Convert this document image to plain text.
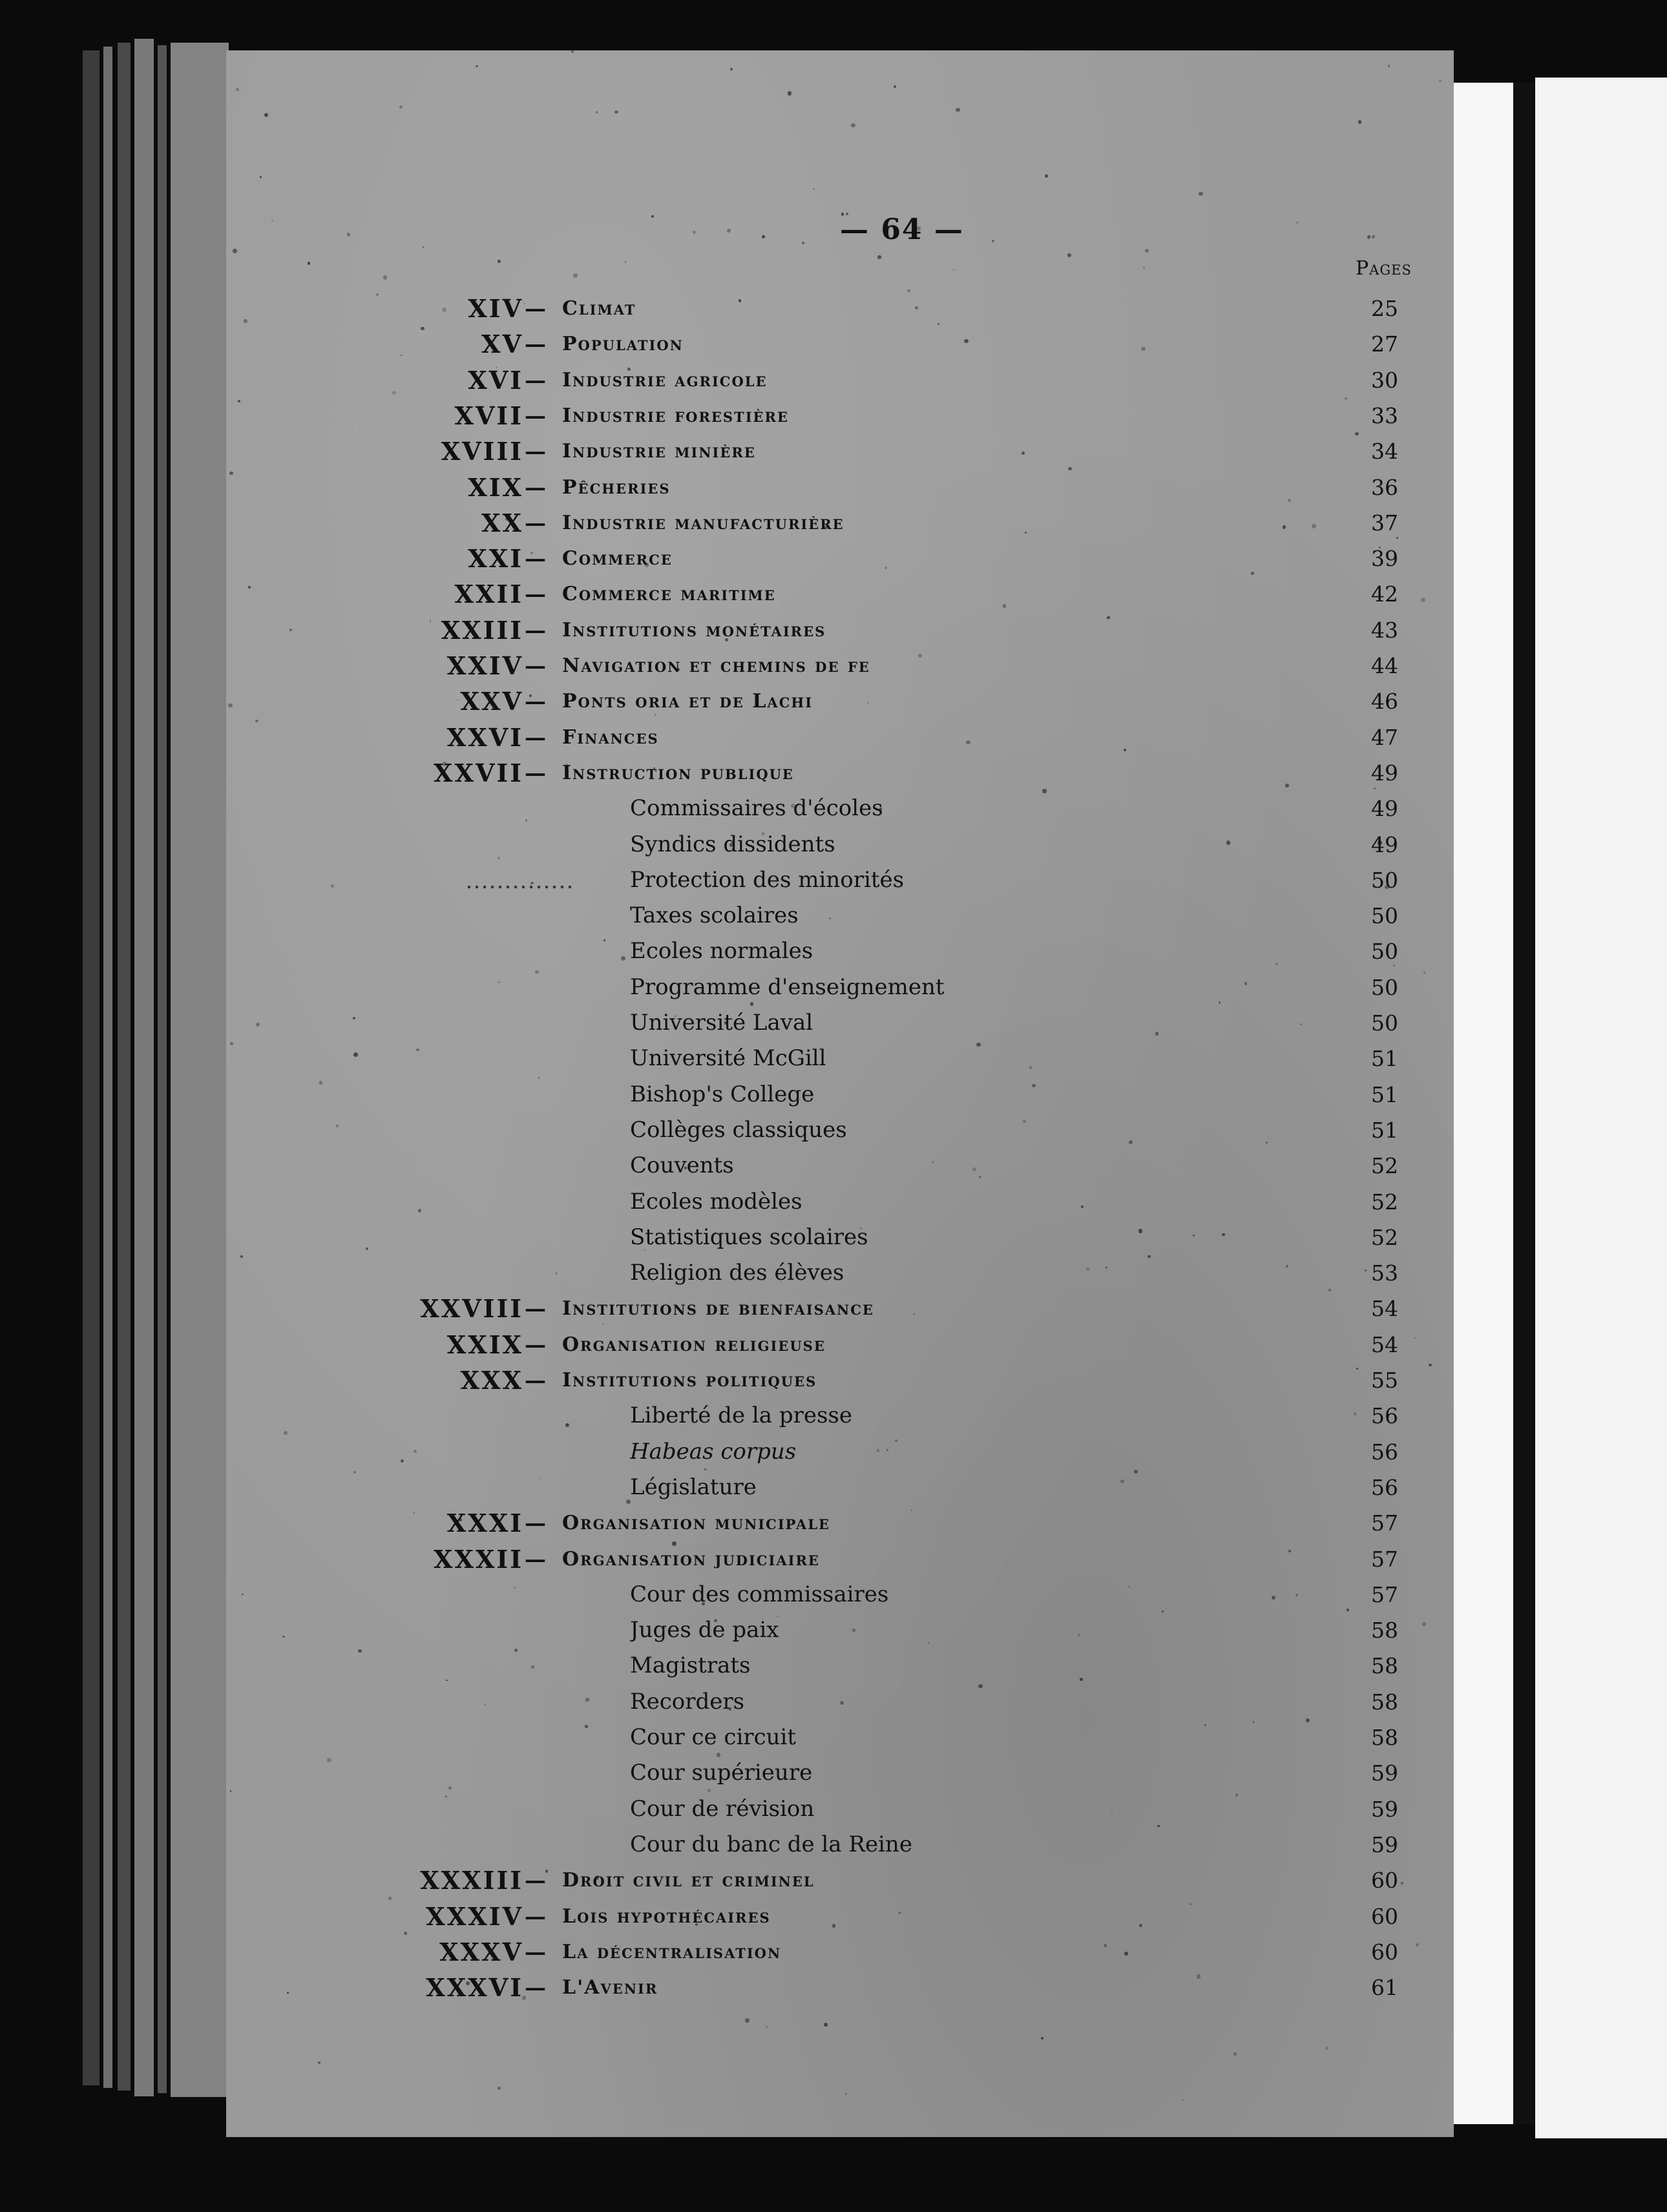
— 64 —
Pages
XIV — Climat	25
XV — Population	27
XVI — Industrie agricole	30
XVII — Industrie forestière	33
XVIII — Industrie minière	34
XIX — Pêcheries	36
XX — Industrie manufacturière	37
XXI — Commerce	39
XXII — Commerce maritime	42
XXIII — Institutions monétaires	43
XXIV — Navigation et chemins de fe	44
XXV — Ponts oria et de Lachi	46
XXVI — Finances	47
XXVII — Instruction publique	49
Commissaires d'écoles	49
Syndics dissidents	49
Protection des minorités	50
Taxes scolaires	50
Ecoles normales	50
Programme d'enseignement	50
Université Laval	50
Université McGill	51
Bishop's College	51
Collèges classiques	51
Couvents	52
Ecoles modèles	52
Statistiques scolaires	52
Religion des élèves	53
XXVIII — Institutions de bienfaisance	54
XXIX — Organisation religieuse	54
XXX — Institutions politiques	55
Liberté de la presse	56
Habeas corpus	56
Législature	56
XXXI — Organisation municipale	57
XXXII — Organisation judiciaire	57
Cour des commissaires	57
Juges de paix	58
Magistrats	58
Recorders	58
Cour ce circuit	58
Cour supérieure	59
Cour de révision	59
Cour du banc de la Reine	59
XXXIII — Droit civil et criminel	60
XXXIV — Lois hypothécaires	60
XXXV — La décentralisation	60
XXXVI — L'Avenir	61
